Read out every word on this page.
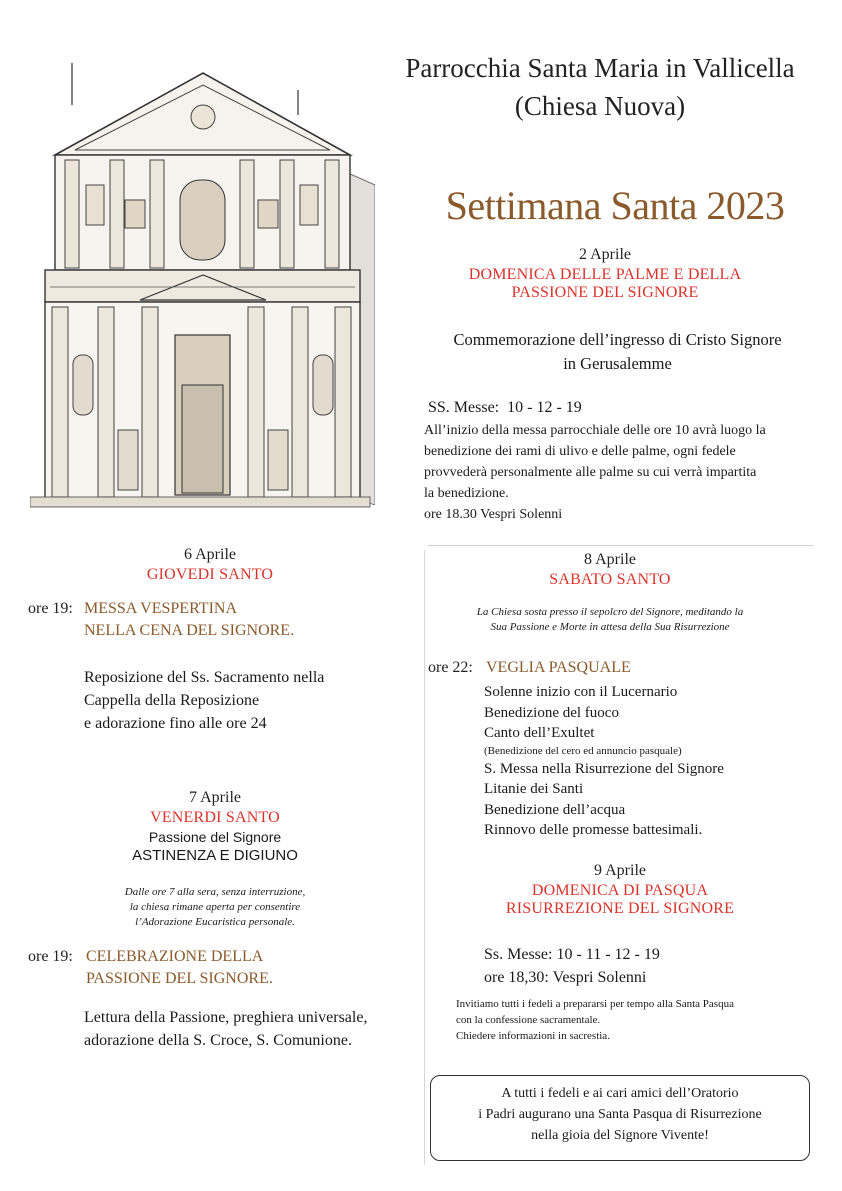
Parrocchia Santa Maria in Vallicella
(Chiesa Nuova)
Settimana Santa 2023
2 Aprile
DOMENICA DELLE PALME E DELLA
PASSIONE DEL SIGNORE
Commemorazione dell’ingresso di Cristo Signore
in Gerusalemme
SS. Messe:  10 - 12 - 19
All’inizio della messa parrocchiale delle ore 10 avrà luogo la
benedizione dei rami di ulivo e delle palme, ogni fedele
provvederà personalmente alle palme su cui verrà impartita
la benedizione.
ore 18.30 Vespri Solenni
6 Aprile
GIOVEDI SANTO
ore 19: MESSA VESPERTINA
NELLA CENA DEL SIGNORE.
Reposizione del Ss. Sacramento nella
Cappella della Reposizione
e adorazione fino alle ore 24
7 Aprile
VENERDI SANTO
Passione del Signore
ASTINENZA E DIGIUNO
Dalle ore 7 alla sera, senza interruzione,
la chiesa rimane aperta per consentire
l’Adorazione Eucaristica personale.
ore 19: CELEBRAZIONE DELLA
PASSIONE DEL SIGNORE.
Lettura della Passione, preghiera universale,
adorazione della S. Croce, S. Comunione.
8 Aprile
SABATO SANTO
La Chiesa sosta presso il sepolcro del Signore, meditando la
Sua Passione e Morte in attesa della Sua Risurrezione
ore 22: VEGLIA PASQUALE
Solenne inizio con il Lucernario
Benedizione del fuoco
Canto dell’Exultet
(Benedizione del cero ed annuncio pasquale)
S. Messa nella Risurrezione del Signore
Litanie dei Santi
Benedizione dell’acqua
Rinnovo delle promesse battesimali.
9 Aprile
DOMENICA DI PASQUA
RISURREZIONE DEL SIGNORE
Ss. Messe: 10 - 11 - 12 - 19
ore 18,30: Vespri Solenni
Invitiamo tutti i fedeli a prepararsi per tempo alla Santa Pasqua
con la confessione sacramentale.
Chiedere informazioni in sacrestia.
A tutti i fedeli e ai cari amici dell’Oratorio
i Padri augurano una Santa Pasqua di Risurrezione
nella gioia del Signore Vivente!
